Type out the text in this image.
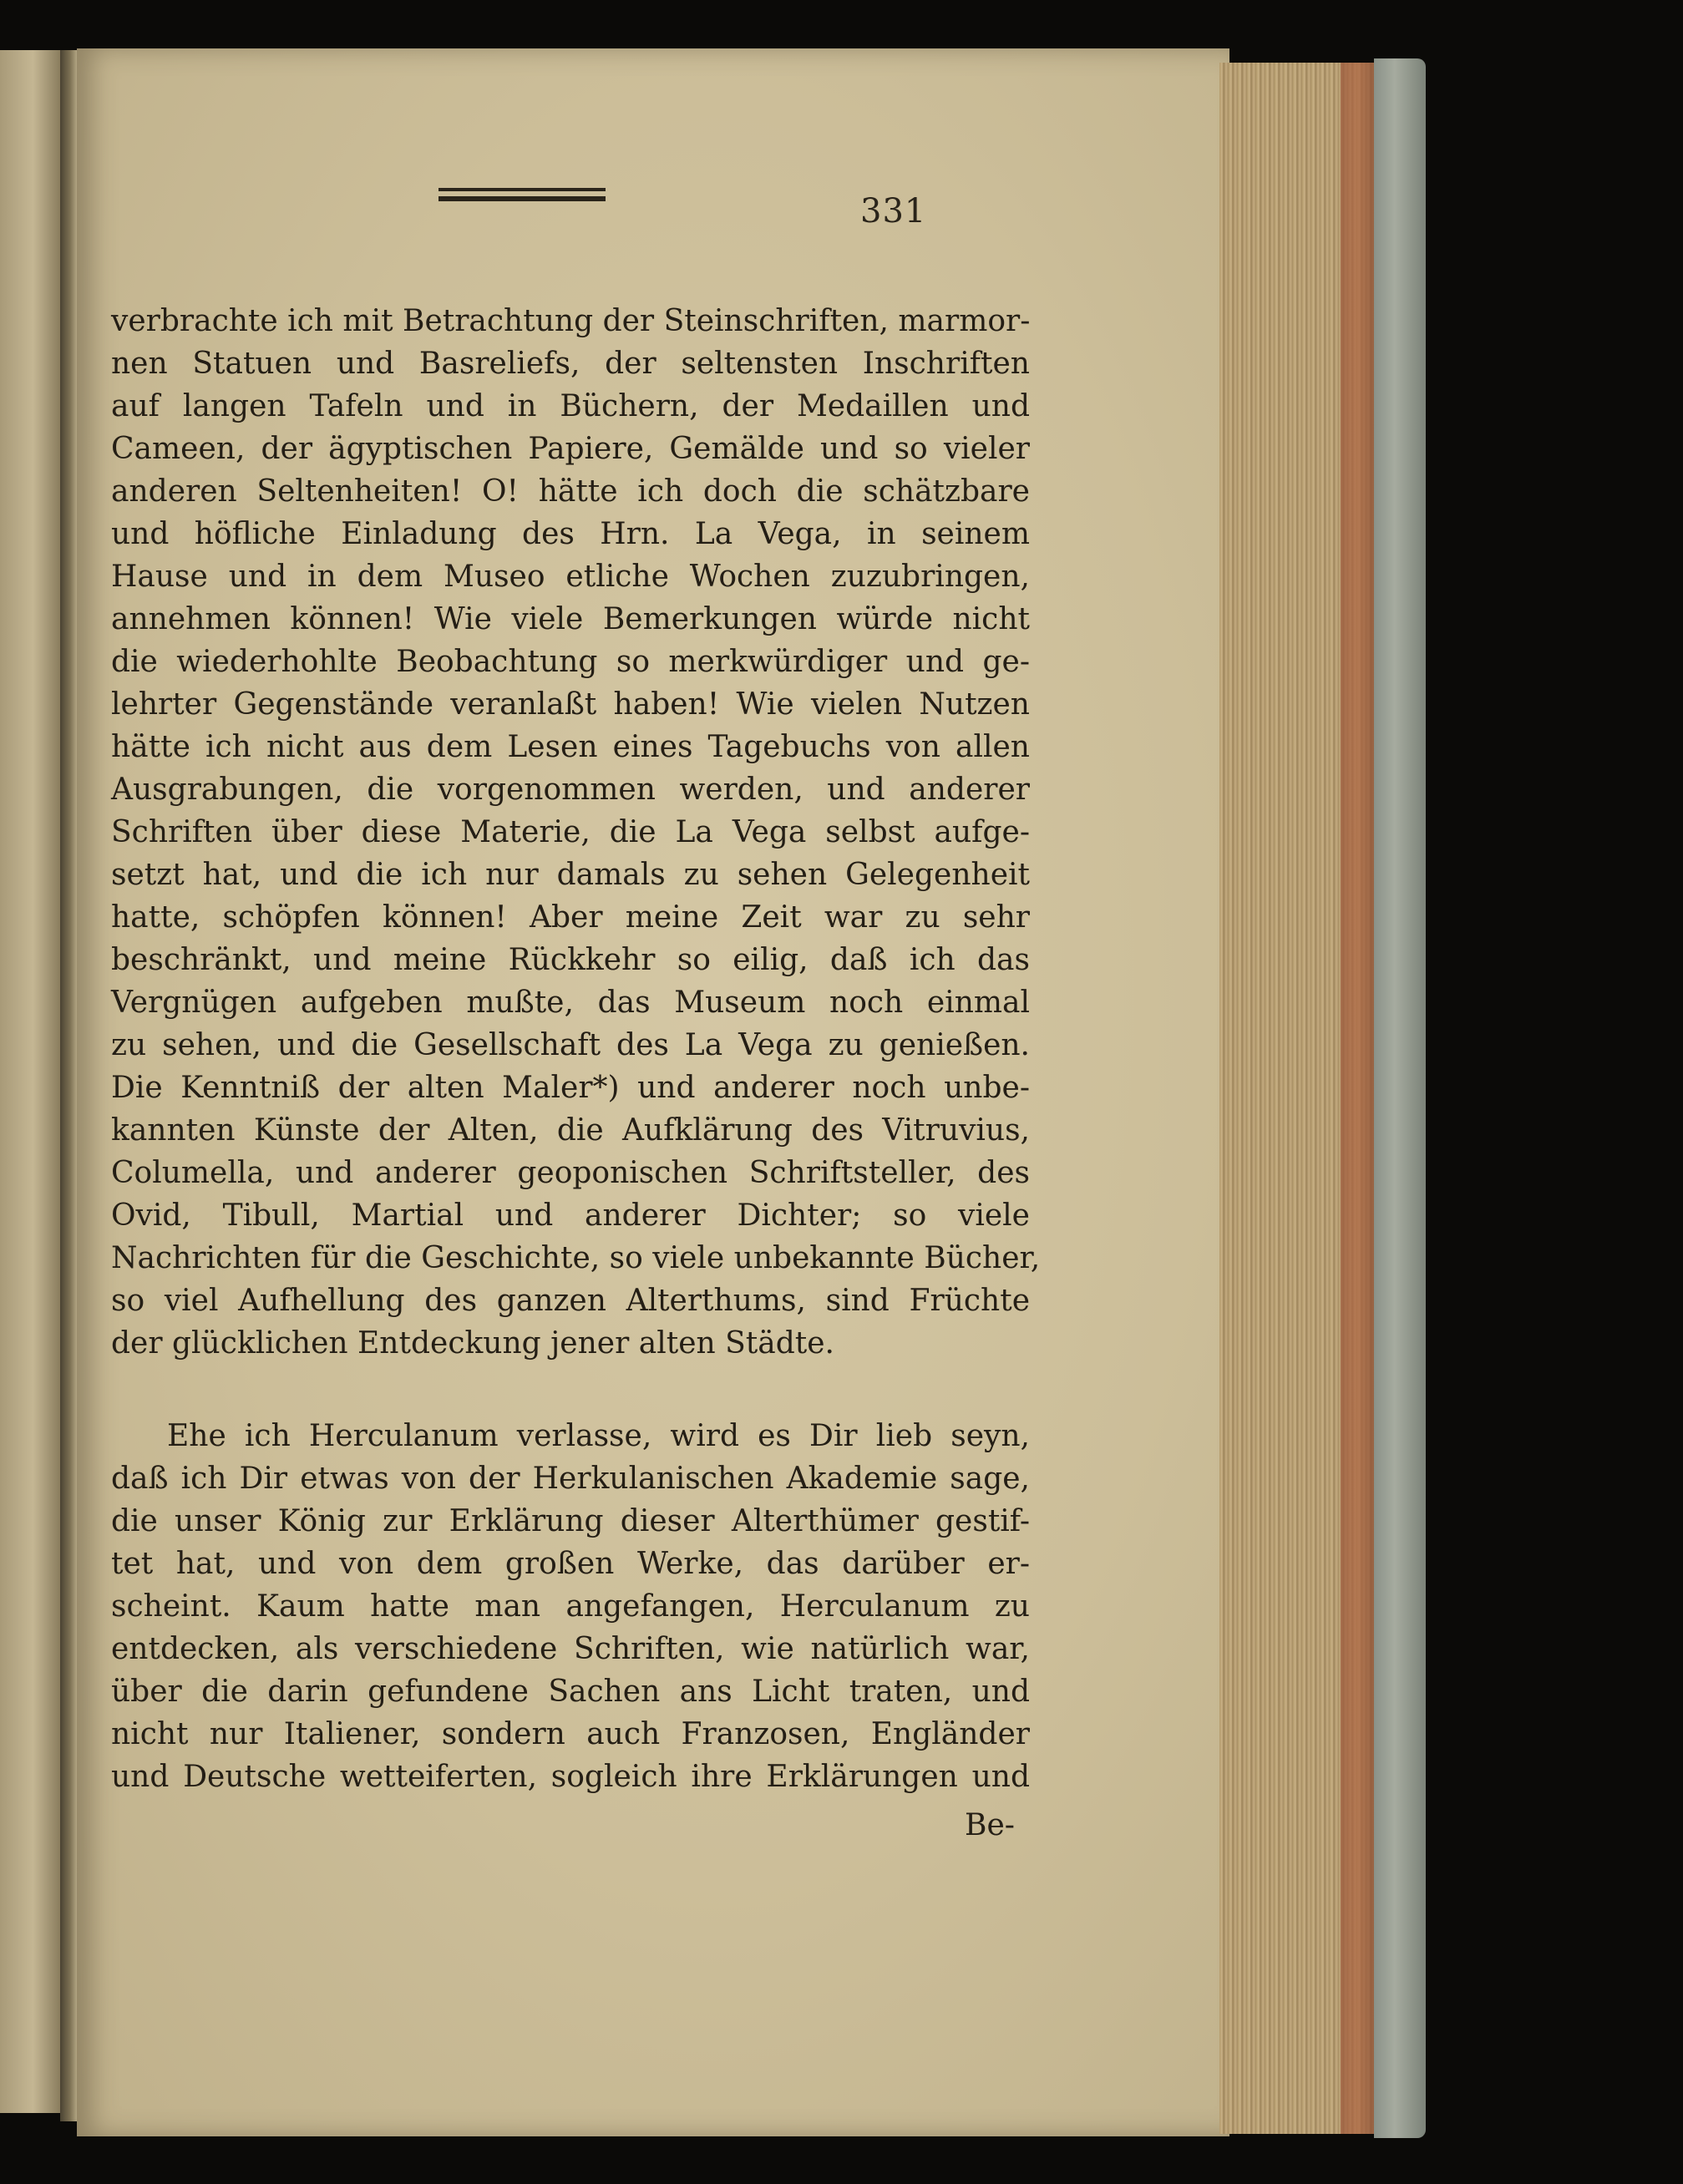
331

verbrachte ich mit Betrachtung der Steinschriften, marmor-

nen Statuen und Basreliefs, der seltensten Inschriften

auf langen Tafeln und in Büchern, der Medaillen und

Cameen, der ägyptischen Papiere, Gemälde und so vieler

anderen Seltenheiten! O! hätte ich doch die schätzbare

und höfliche Einladung des Hrn. La Vega, in seinem

Hause und in dem Museo etliche Wochen zuzubringen,

annehmen können! Wie viele Bemerkungen würde nicht

die wiederhohlte Beobachtung so merkwürdiger und ge-

lehrter Gegenstände veranlaßt haben! Wie vielen Nutzen

hätte ich nicht aus dem Lesen eines Tagebuchs von allen

Ausgrabungen, die vorgenommen werden, und anderer

Schriften über diese Materie, die La Vega selbst aufge-

setzt hat, und die ich nur damals zu sehen Gelegenheit

hatte, schöpfen können! Aber meine Zeit war zu sehr

beschränkt, und meine Rückkehr so eilig, daß ich das

Vergnügen aufgeben mußte, das Museum noch einmal

zu sehen, und die Gesellschaft des La Vega zu genießen.

Die Kenntniß der alten Maler*) und anderer noch unbe-

kannten Künste der Alten, die Aufklärung des Vitruvius,

Columella, und anderer geoponischen Schriftsteller, des

Ovid, Tibull, Martial und anderer Dichter; so viele

Nachrichten für die Geschichte, so viele unbekannte Bücher,

so viel Aufhellung des ganzen Alterthums, sind Früchte

der glücklichen Entdeckung jener alten Städte.

Ehe ich Herculanum verlasse, wird es Dir lieb seyn,

daß ich Dir etwas von der Herkulanischen Akademie sage,

die unser König zur Erklärung dieser Alterthümer gestif-

tet hat, und von dem großen Werke, das darüber er-

scheint. Kaum hatte man angefangen, Herculanum zu

entdecken, als verschiedene Schriften, wie natürlich war,

über die darin gefundene Sachen ans Licht traten, und

nicht nur Italiener, sondern auch Franzosen, Engländer

und Deutsche wetteiferten, sogleich ihre Erklärungen und

Be-
